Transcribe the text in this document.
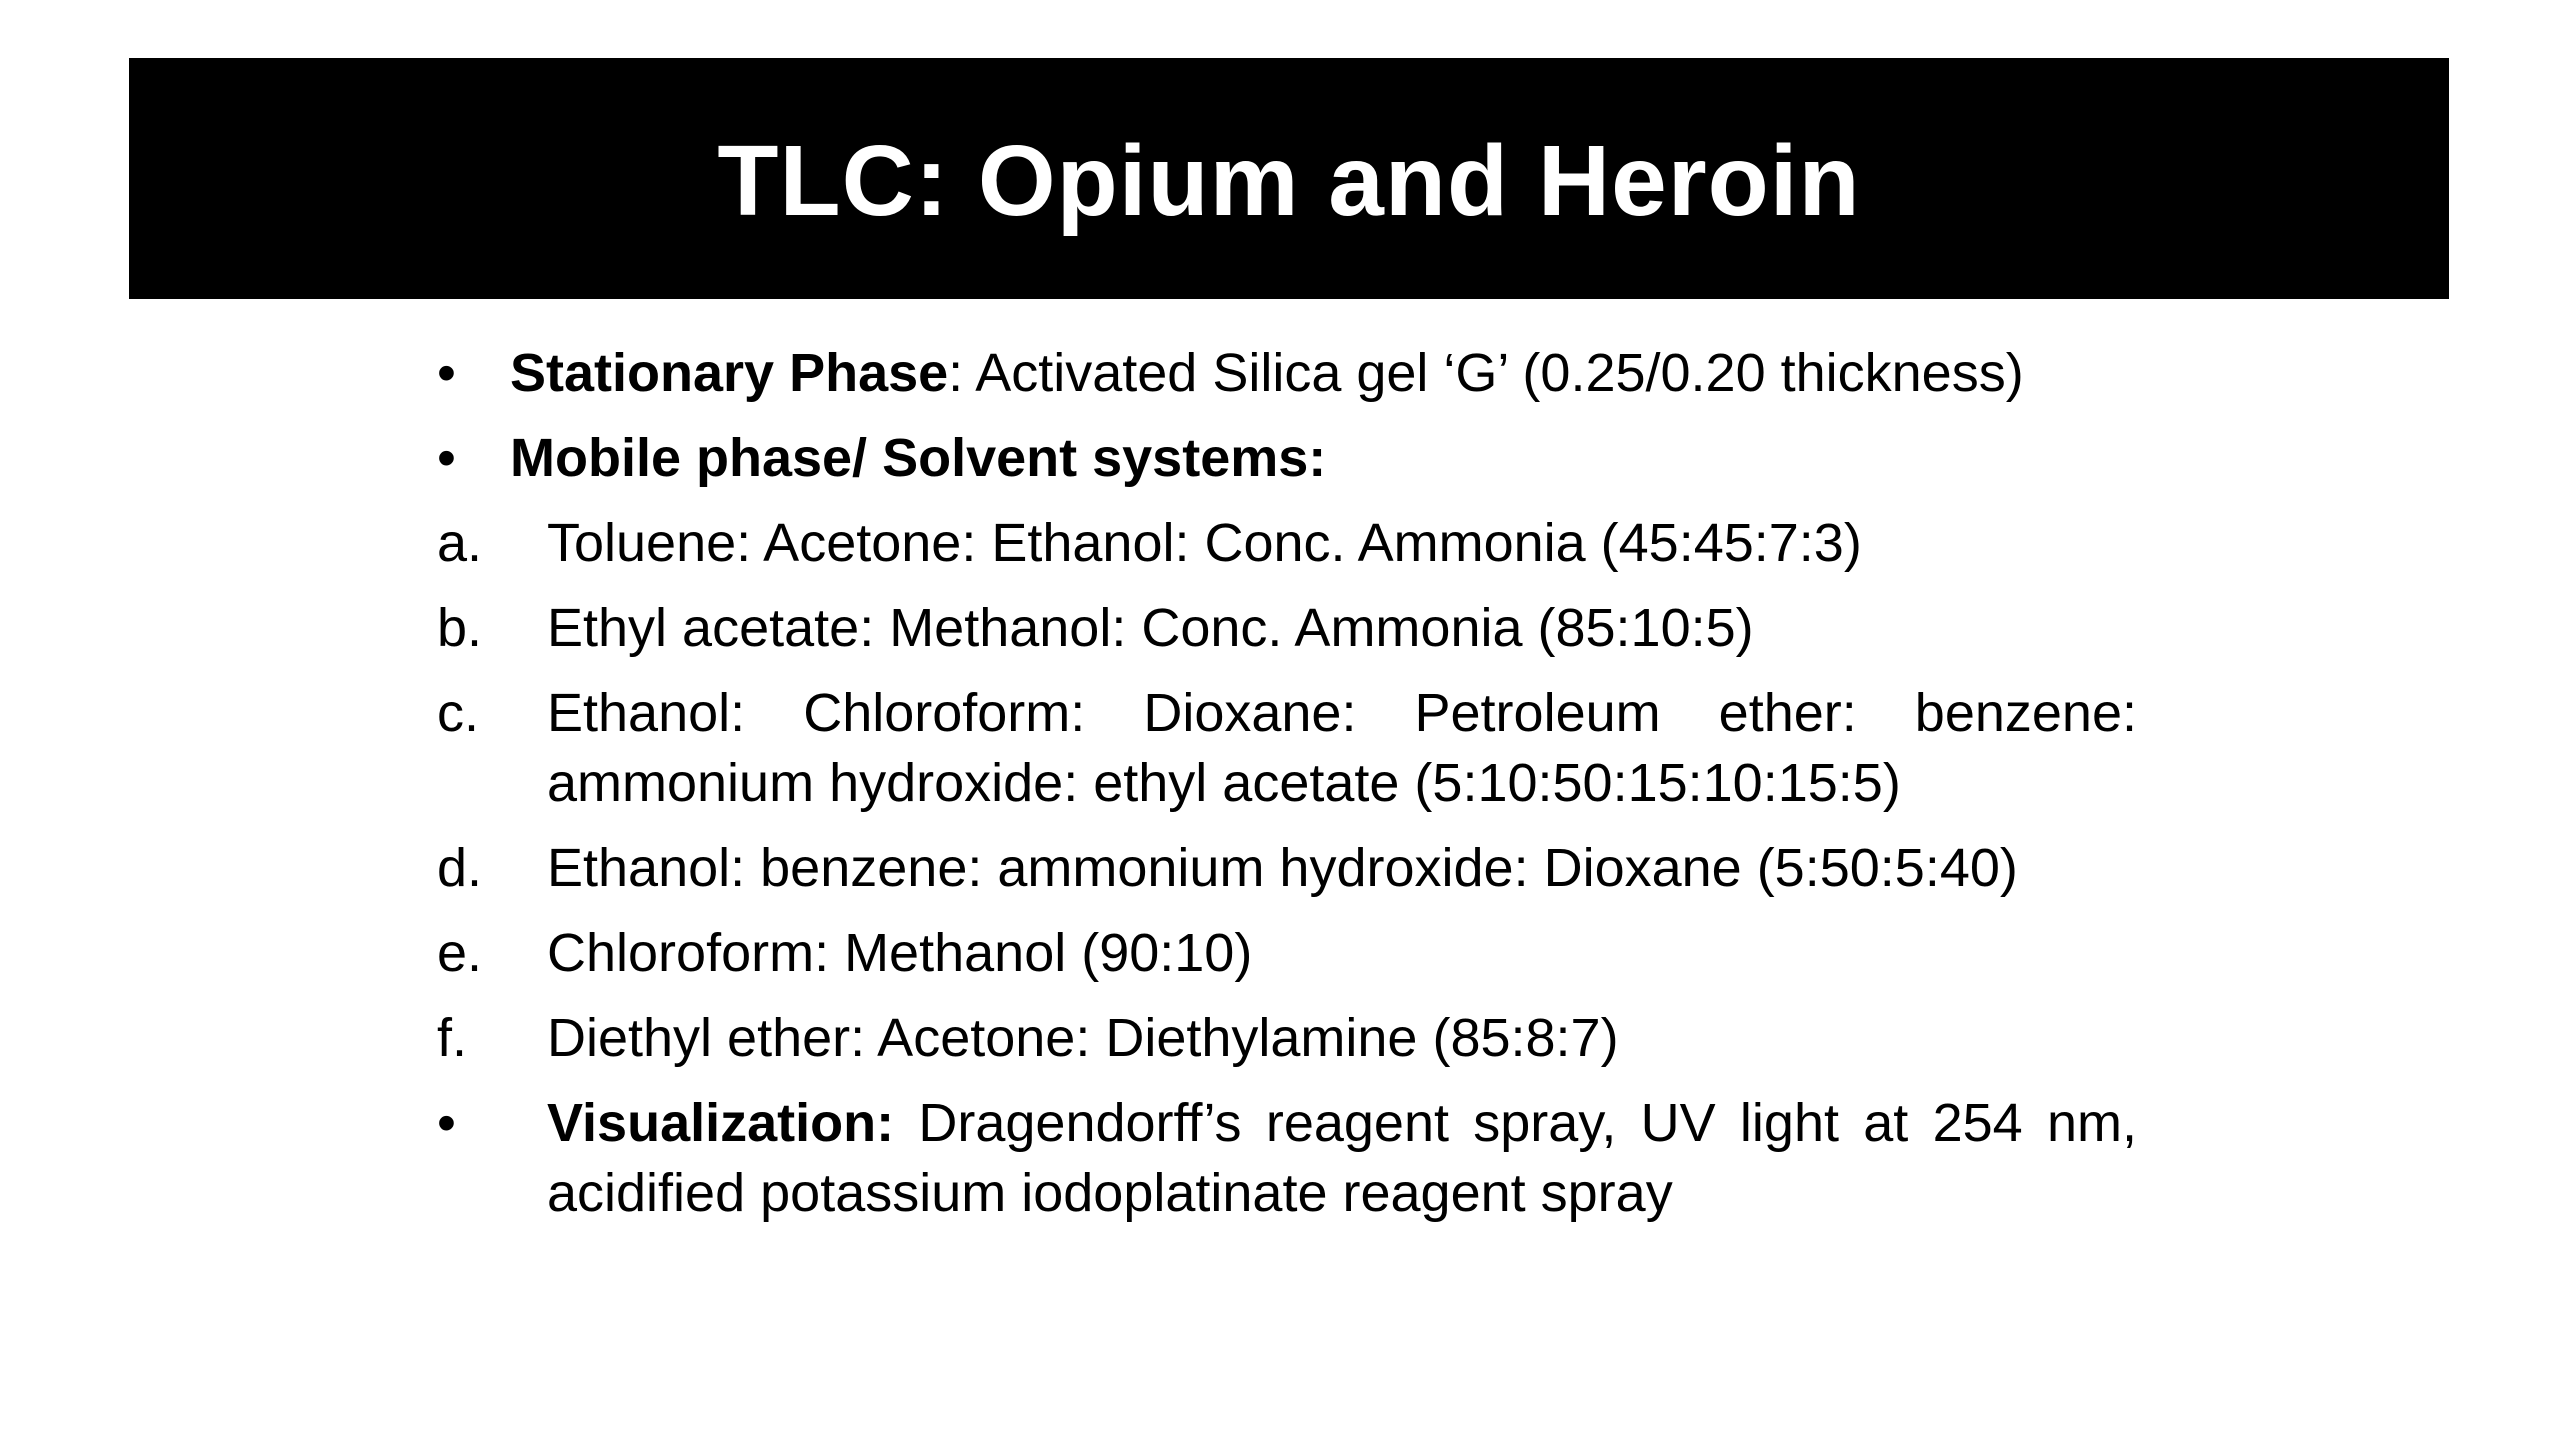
TLC: Opium and Heroin
•	Stationary Phase: Activated Silica gel ‘G’ (0.25/0.20 thickness)
•	Mobile phase/ Solvent systems:
a.	Toluene: Acetone: Ethanol: Conc. Ammonia (45:45:7:3)
b.	Ethyl acetate: Methanol: Conc. Ammonia (85:10:5)
c.	Ethanol: Chloroform: Dioxane: Petroleum ether: benzene: ammonium hydroxide: ethyl acetate (5:10:50:15:10:15:5)
d.	Ethanol: benzene: ammonium hydroxide: Dioxane (5:50:5:40)
e.	Chloroform: Methanol (90:10)
f.	Diethyl ether: Acetone: Diethylamine (85:8:7)
•	Visualization: Dragendorff’s reagent spray, UV light at 254 nm, acidified potassium iodoplatinate reagent spray
